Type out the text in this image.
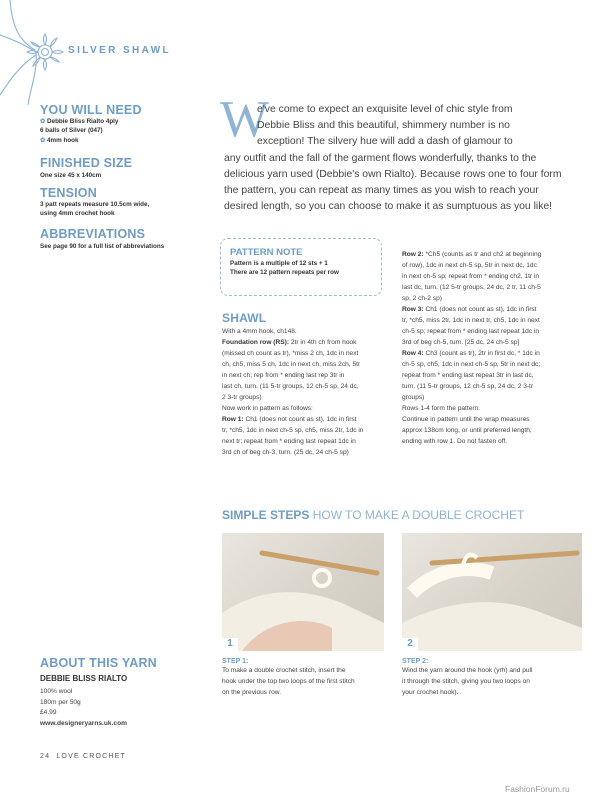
SILVER SHAWL
YOU WILL NEED
✿ Debbie Bliss Rialto 4ply
6 balls of Silver (047)
✿ 4mm hook
FINISHED SIZE
One size 45 x 140cm
TENSION
3 patt repeats measure 10.5cm wide,
using 4mm crochet hook
ABBREVIATIONS
See page 90 for a full list of abbreviations
W
e've come to expect an exquisite level of chic style from
Debbie Bliss and this beautiful, shimmery number is no
exception! The silvery hue will add a dash of glamour to
any outfit and the fall of the garment flows wonderfully, thanks to the
delicious yarn used (Debbie's own Rialto). Because rows one to four form
the pattern, you can repeat as many times as you wish to reach your
desired length, so you can choose to make it as sumptuous as you like!
PATTERN NOTE
Pattern is a multiple of 12 sts + 1
There are 12 pattern repeats per row
SHAWL
With a 4mm hook, ch148.
Foundation row (RS): 2tr in 4th ch from hook
(missed ch count as tr), *miss 2 ch, 1dc in next
ch, ch5, miss 5 ch, 1dc in next ch, miss 2ch, 5tr
in next ch; rep from * ending last rep 3tr in
last ch, turn. (11 5-tr groups, 12 ch-5 sp, 24 dc,
2 3-tr groups)
Now work in pattern as follows:
Row 1: Ch1 (does not count as st), 1dc in first
tr, *ch5, 1dc in next ch-5 sp, ch5, miss 2tr, 1dc in
next tr; repeat from * ending last repeat 1dc in
3rd ch of beg ch-3, turn. (25 dc, 24 ch-5 sp)
Row 2: *Ch5 (counts as tr and ch2 at beginning
of row), 1dc in next ch-5 sp, 5tr in next dc, 1dc
in next ch-5 sp; repeat from * ending ch2, 1tr in
last dc, turn. (12 5-tr groups, 24 dc, 2 tr, 11 ch-5
sp, 2 ch-2 sp)
Row 3: Ch1 (does not count as st), 1dc in first
tr, *ch5, miss 2tr, 1dc in next tr, ch5, 1dc in next
ch-5 sp; repeat from * ending last repeat 1dc in
3rd of beg ch-5, turn. [25 dc, 24 ch-5 sp]
Row 4: Ch3 (count as tr), 2tr in first dc, * 1dc in
ch-5 sp, ch5, 1dc in next ch-5 sp, 5tr in next dc;
repeat from * ending last repeat 3tr in last dc,
turn. (11 5-tr groups, 12 ch-5 sp, 24 dc, 2 3-tr
groups)
Rows 1-4 form the pattern.
Continue in pattern until the wrap measures
approx 138cm long, or until preferred length,
ending with row 1. Do not fasten off.
SIMPLE STEPS HOW TO MAKE A DOUBLE CROCHET
1	2
STEP 1:
To make a double crochet stitch, insert the
hook under the top two loops of the first stitch
on the previous row.
STEP 2:
Wind the yarn around the hook (yrh) and pull
it through the stitch, giving you two loops on
your crochet hook).
ABOUT THIS YARN
DEBBIE BLISS RIALTO
100% wool
180m per 50g
£4.99
www.designeryarns.uk.com
24 LOVE CROCHET
FashionForum.ru
